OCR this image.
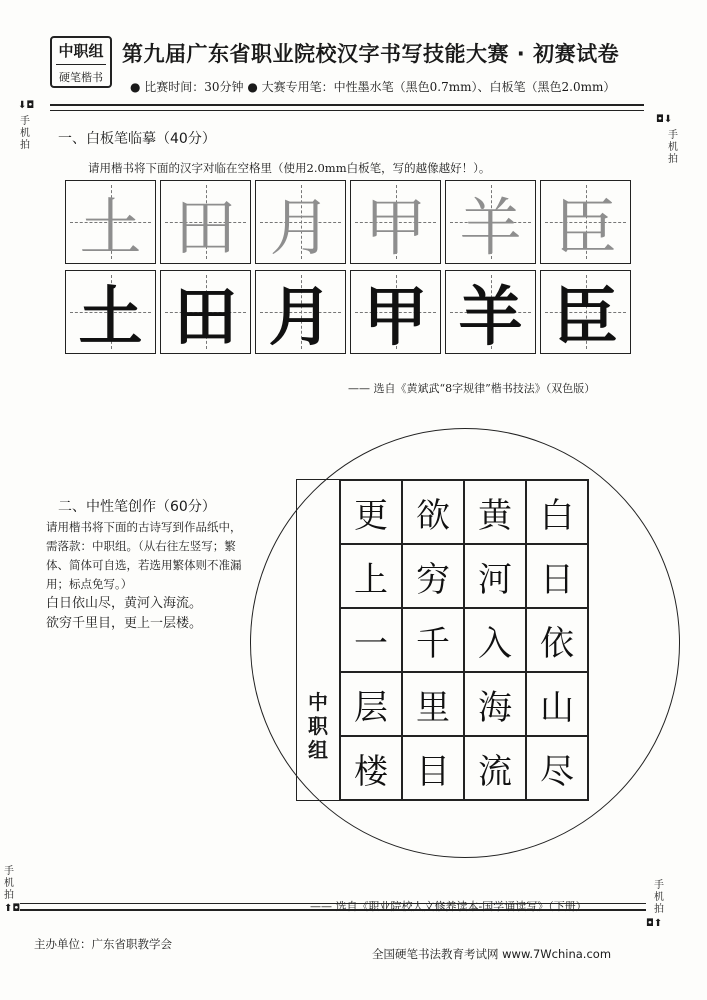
中职组
硬笔楷书
第九届广东省职业院校汉字书写技能大赛 · 初赛试卷
● 比赛时间：30分钟 ● 大赛专用笔：中性墨水笔（黑色0.7mm）、白板笔（黑色2.0mm）
⬇◘
手机拍
◘⬇
手机拍
手机拍
⬆◘
手机拍
◘⬆
一、白板笔临摹（40分）
请用楷书将下面的汉字对临在空格里（使用2.0mm白板笔，写的越像越好！）。
土 田 月 甲 羊 臣
土 田 月 甲 羊 臣
—— 选自《黄斌武“8字规律”楷书技法》（双色版）
二、中性笔创作（60分）
请用楷书将下面的古诗写到作品纸中，需落款：中职组。（从右往左竖写；繁体、简体可自选，若选用繁体则不准漏用；标点免写。）
白日依山尽，黄河入海流。
欲穷千里目，更上一层楼。
中职组
更 欲 黄 白
上 穷 河 日
一 千 入 依
层 里 海 山
楼 目 流 尽
—— 选自《职业院校人文修养读本-国学诵读写》（下册）
主办单位：广东省职教学会
全国硬笔书法教育考试网 www.7Wchina.com
